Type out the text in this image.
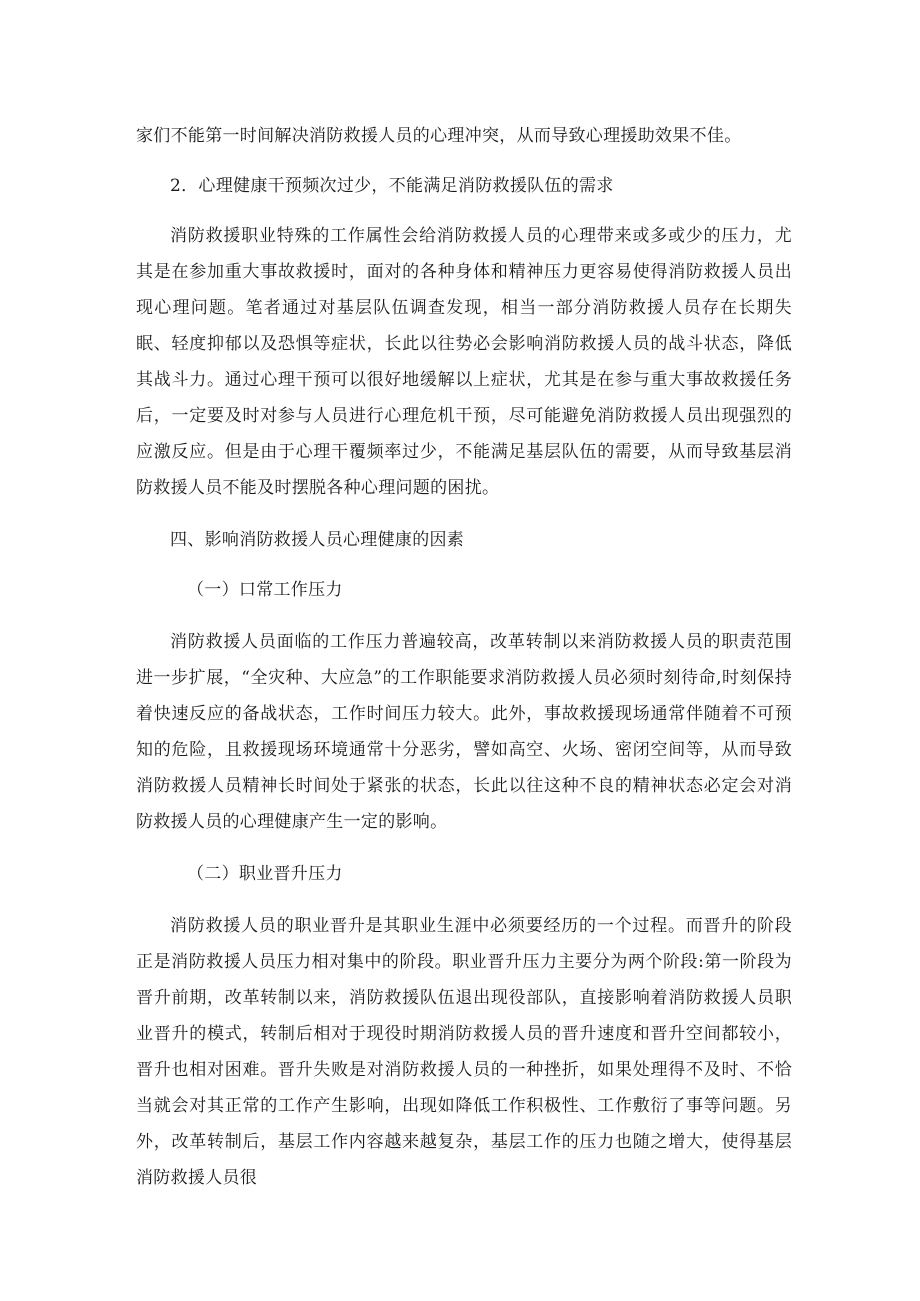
家们不能第一时间解决消防救援人员的心理冲突，从而导致心理援助效果不佳。

2．心理健康干预频次过少，不能满足消防救援队伍的需求

消防救援职业特殊的工作属性会给消防救援人员的心理带来或多或少的压力，尤其是在参加重大事故救援时，面对的各种身体和精神压力更容易使得消防救援人员出现心理问题。笔者通过对基层队伍调查发现，相当一部分消防救援人员存在长期失眠、轻度抑郁以及恐惧等症状，长此以往势必会影响消防救援人员的战斗状态，降低其战斗力。通过心理干预可以很好地缓解以上症状，尤其是在参与重大事故救援任务后，一定要及时对参与人员进行心理危机干预，尽可能避免消防救援人员出现强烈的应激反应。但是由于心理干覆频率过少，不能满足基层队伍的需要，从而导致基层消防救援人员不能及时摆脱各种心理问题的困扰。

四、影响消防救援人员心理健康的因素

（一）口常工作压力

消防救援人员面临的工作压力普遍较高，改革转制以来消防救援人员的职责范围进一步扩展，“全灾种、大应急”的工作职能要求消防救援人员必须时刻待命,时刻保持着快速反应的备战状态，工作时间压力较大。此外，事故救援现场通常伴随着不可预知的危险，且救援现场环境通常十分恶劣，譬如高空、火场、密闭空间等，从而导致消防救援人员精神长时间处于紧张的状态，长此以往这种不良的精神状态必定会对消防救援人员的心理健康产生一定的影响。

（二）职业晋升压力

消防救援人员的职业晋升是其职业生涯中必须要经历的一个过程。而晋升的阶段正是消防救援人员压力相对集中的阶段。职业晋升压力主要分为两个阶段:第一阶段为晋升前期，改革转制以来，消防救援队伍退出现役部队，直接影响着消防救援人员职业晋升的模式，转制后相对于现役时期消防救援人员的晋升速度和晋升空间都较小，晋升也相对困难。晋升失败是对消防救援人员的一种挫折，如果处理得不及时、不恰当就会对其正常的工作产生影响，出现如降低工作积极性、工作敷衍了事等问题。另外，改革转制后，基层工作内容越来越复杂，基层工作的压力也随之增大，使得基层消防救援人员很
